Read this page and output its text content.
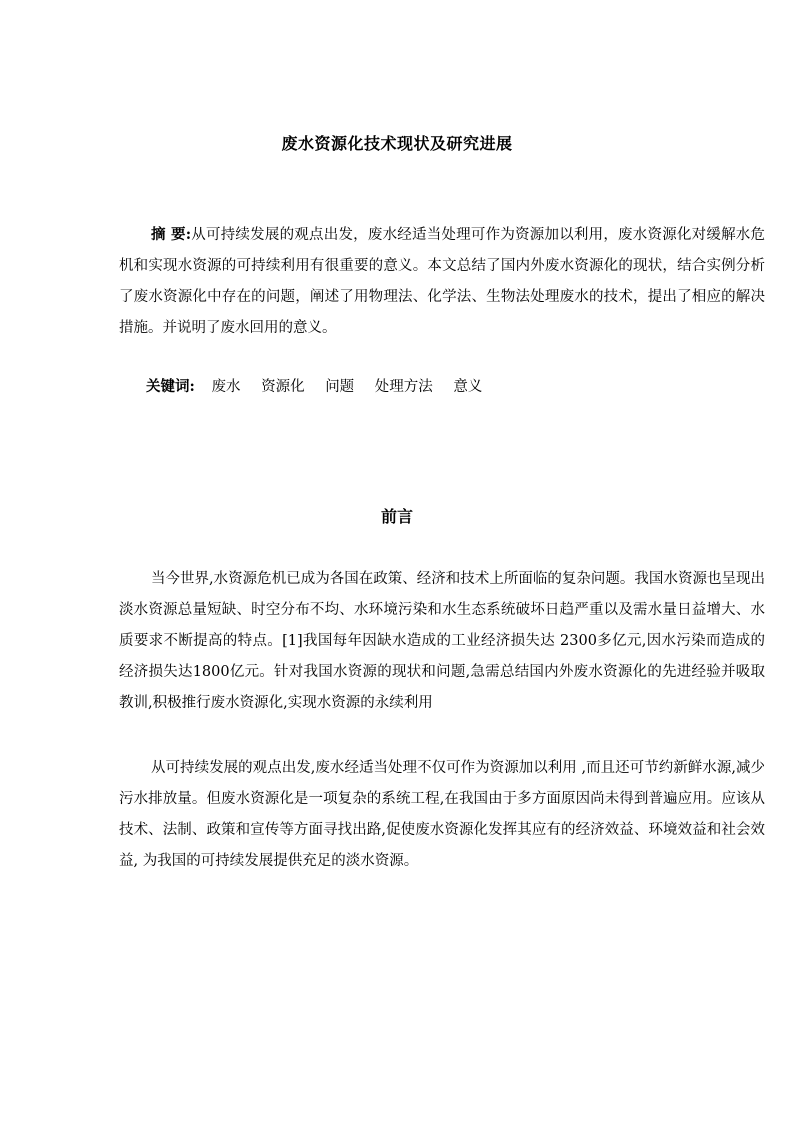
废水资源化技术现状及研究进展
摘 要:从可持续发展的观点出发，废水经适当处理可作为资源加以利用，废水资源化对缓解水危机和实现水资源的可持续利用有很重要的意义。本文总结了国内外废水资源化的现状，结合实例分析了废水资源化中存在的问题，阐述了用物理法、化学法、生物法处理废水的技术，提出了相应的解决措施。并说明了废水回用的意义。
关键词: 废水 资源化 问题 处理方法 意义
前言
当今世界,水资源危机已成为各国在政策、经济和技术上所面临的复杂问题。我国水资源也呈现出淡水资源总量短缺、时空分布不均、水环境污染和水生态系统破坏日趋严重以及需水量日益增大、水质要求不断提高的特点。[1]我国每年因缺水造成的工业经济损失达 2300多亿元,因水污染而造成的经济损失达1800亿元。针对我国水资源的现状和问题,急需总结国内外废水资源化的先进经验并吸取教训,积极推行废水资源化,实现水资源的永续利用
从可持续发展的观点出发,废水经适当处理不仅可作为资源加以利用 ,而且还可节约新鲜水源,减少污水排放量。但废水资源化是一项复杂的系统工程,在我国由于多方面原因尚未得到普遍应用。应该从技术、法制、政策和宣传等方面寻找出路,促使废水资源化发挥其应有的经济效益、环境效益和社会效益, 为我国的可持续发展提供充足的淡水资源。
